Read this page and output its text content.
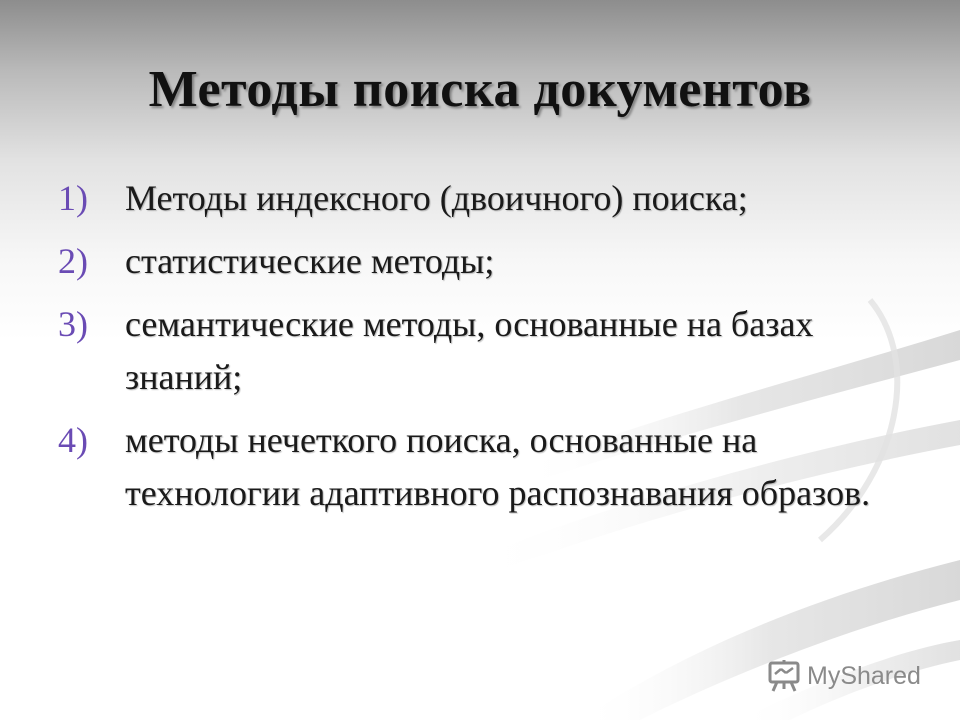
Методы поиска документов
1) Методы индексного (двоичного) поиска;
2) статистические методы;
3) семантические методы, основанные на базах знаний;
4) методы нечеткого поиска, основанные на технологии адаптивного распознавания образов.
MyShared
